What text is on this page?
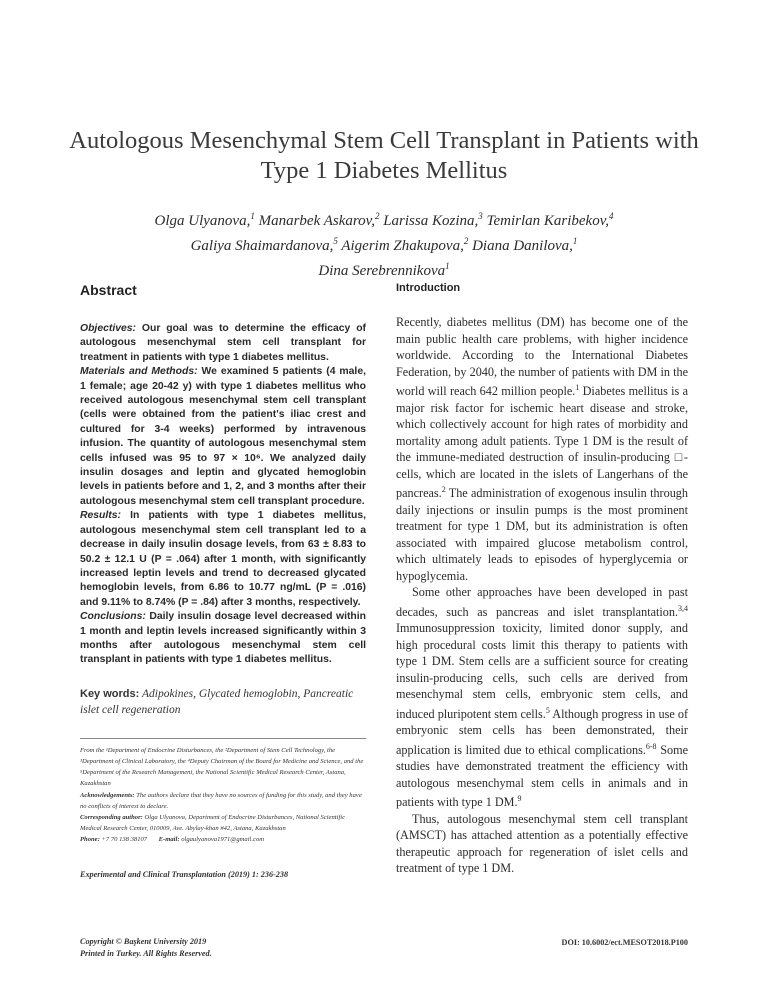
Autologous Mesenchymal Stem Cell Transplant in Patients with Type 1 Diabetes Mellitus
Olga Ulyanova,$^1$ Manarbek Askarov,$^2$ Larissa Kozina,$^3$ Temirlan Karibekov,$^4$
Galiya Shaimardanova,$^5$ Aigerim Zhakupova,$^2$ Diana Danilova,$^1$
Dina Serebrennikova$^1$
Abstract

Objectives: Our goal was to determine the efficacy of autologous mesenchymal stem cell transplant for treatment in patients with type 1 diabetes mellitus.

Materials and Methods: We examined 5 patients (4 male, 1 female; age 20-42 y) with type 1 diabetes mellitus who received autologous mesenchymal stem cell transplant (cells were obtained from the patient's iliac crest and cultured for 3-4 weeks) performed by intravenous infusion. The quantity of autologous mesenchymal stem cells infused was 95 to 97 × 10⁶. We analyzed daily insulin dosages and leptin and glycated hemoglobin levels in patients before and 1, 2, and 3 months after their autologous mesenchymal stem cell transplant procedure.

Results: In patients with type 1 diabetes mellitus, autologous mesenchymal stem cell transplant led to a decrease in daily insulin dosage levels, from 63 ± 8.83 to 50.2 ± 12.1 U (P = .064) after 1 month, with significantly increased leptin levels and trend to decreased glycated hemoglobin levels, from 6.86 to 10.77 ng/mL (P = .016) and 9.11% to 8.74% (P = .84) after 3 months, respectively.

Conclusions: Daily insulin dosage level decreased within 1 month and leptin levels increased significantly within 3 months after autologous mesenchymal stem cell transplant in patients with type 1 diabetes mellitus.

Key words: Adipokines, Glycated hemoglobin, Pancreatic islet cell regeneration

From the ¹Department of Endocrine Disturbances, the ²Department of Stem Cell Technology, the ³Department of Clinical Laboratory, the ⁴Deputy Chairman of the Board for Medicine and Science, and the ⁵Department of the Research Management, the National Scientific Medical Research Center, Astana, Kazakhstan

Acknowledgements: The authors declare that they have no sources of funding for this study, and they have no conflicts of interest to declare.

Corresponding author: Olga Ulyanova, Department of Endocrine Disturbances, National Scientific Medical Research Center, 010009, Ave. Abylay-khan #42, Astana, Kazakhstan

Phone: +7 70 138 38107 E-mail: olgaulyanova1971@gmail.com

Experimental and Clinical Transplantation (2019) 1: 236-238

Copyright © Başkent University 2019

Printed in Turkey. All Rights Reserved.

Introduction

Recently, diabetes mellitus (DM) has become one of the main public health care problems, with higher incidence worldwide. According to the International Diabetes Federation, by 2040, the number of patients with DM in the world will reach 642 million people.$^1$ Diabetes mellitus is a major risk factor for ischemic heart disease and stroke, which collectively account for high rates of morbidity and mortality among adult patients. Type 1 DM is the result of the immune-mediated destruction of insulin-producing □-cells, which are located in the islets of Langerhans of the pancreas.$^2$ The administration of exogenous insulin through daily injections or insulin pumps is the most prominent treatment for type 1 DM, but its administration is often associated with impaired glucose metabolism control, which ultimately leads to episodes of hyperglycemia or hypoglycemia.

Some other approaches have been developed in past decades, such as pancreas and islet transplantation.$^{3,4}$ Immunosuppression toxicity, limited donor supply, and high procedural costs limit this therapy to patients with type 1 DM. Stem cells are a sufficient source for creating insulin-producing cells, such cells are derived from mesenchymal stem cells, embryonic stem cells, and induced pluripotent stem cells.$^5$ Although progress in use of embryonic stem cells has been demonstrated, their application is limited due to ethical complications.$^{6-8}$ Some studies have demonstrated treatment the efficiency with autologous mesenchymal stem cells in animals and in patients with type 1 DM.$^9$

Thus, autologous mesenchymal stem cell transplant (AMSCT) has attached attention as a potentially effective therapeutic approach for regeneration of islet cells and treatment of type 1 DM.

DOI: 10.6002/ect.MESOT2018.P100
